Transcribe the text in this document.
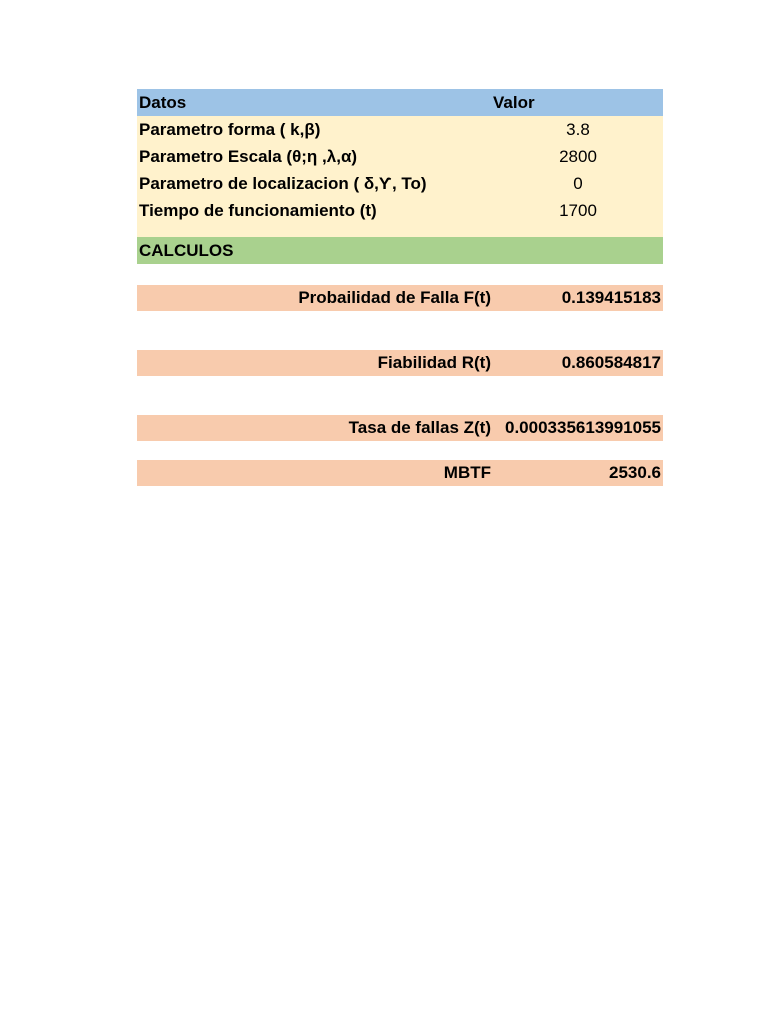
Datos	Valor
Parametro forma ( k,β)	3.8
Parametro Escala (θ;η ,λ,α)	2800
Parametro de localizacion ( δ,Ƴ, To)	0
Tiempo de funcionamiento (t)	1700
CALCULOS
Probailidad de Falla F(t)	0.139415183
Fiabilidad R(t)	0.860584817
Tasa de fallas Z(t) 0.000335613991055
MBTF	2530.6
